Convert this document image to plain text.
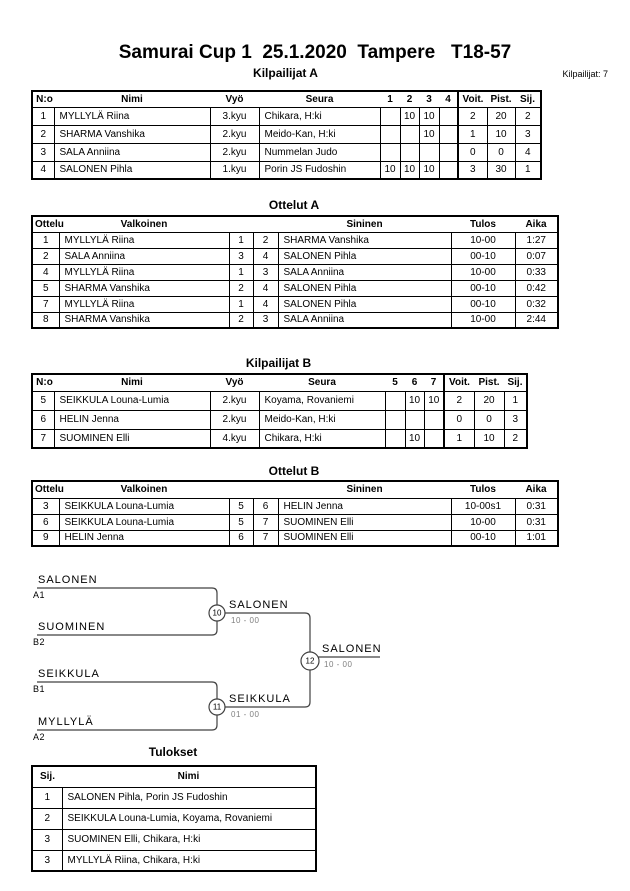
Samurai Cup 1  25.1.2020  Tampere   T18-57
Kilpailijat: 7
Kilpailijat A
N:o	Nimi	Vyö	Seura	1	2	3	4	Voit.	Pist.	Sij.
1	MYLLYLÄ Riina	3.kyu	Chikara, H:ki		10	10		2	20	2
2	SHARMA Vanshika	2.kyu	Meido-Kan, H:ki			10		1	10	3
3	SALA Anniina	2.kyu	Nummelan Judo					0	0	4
4	SALONEN Pihla	1.kyu	Porin JS Fudoshin	10	10	10		3	30	1
Ottelut A
Ottelu	Valkoinen			Sininen	Tulos	Aika
1	MYLLYLÄ Riina	1	2	SHARMA Vanshika	10-00	1:27
2	SALA Anniina	3	4	SALONEN Pihla	00-10	0:07
4	MYLLYLÄ Riina	1	3	SALA Anniina	10-00	0:33
5	SHARMA Vanshika	2	4	SALONEN Pihla	00-10	0:42
7	MYLLYLÄ Riina	1	4	SALONEN Pihla	00-10	0:32
8	SHARMA Vanshika	2	3	SALA Anniina	10-00	2:44
Kilpailijat B
N:o	Nimi	Vyö	Seura	5	6	7	Voit.	Pist.	Sij.
5	SEIKKULA Louna-Lumia	2.kyu	Koyama, Rovaniemi		10	10	2	20	1
6	HELIN Jenna	2.kyu	Meido-Kan, H:ki				0	0	3
7	SUOMINEN Elli	4.kyu	Chikara, H:ki		10		1	10	2
Ottelut B
Ottelu	Valkoinen			Sininen	Tulos	Aika
3	SEIKKULA Louna-Lumia	5	6	HELIN Jenna	10-00s1	0:31
6	SEIKKULA Louna-Lumia	5	7	SUOMINEN Elli	10-00	0:31
9	HELIN Jenna	6	7	SUOMINEN Elli	00-10	1:01
10
11
12
SALONEN
A1
SUOMINEN
B2
SEIKKULA
B1
MYLLYLÄ
A2
SALONEN
10 - 00
SEIKKULA
01 - 00
SALONEN
10 - 00
Tulokset
Sij.	Nimi
1	SALONEN Pihla, Porin JS Fudoshin
2	SEIKKULA Louna-Lumia, Koyama, Rovaniemi
3	SUOMINEN Elli, Chikara, H:ki
3	MYLLYLÄ Riina, Chikara, H:ki
